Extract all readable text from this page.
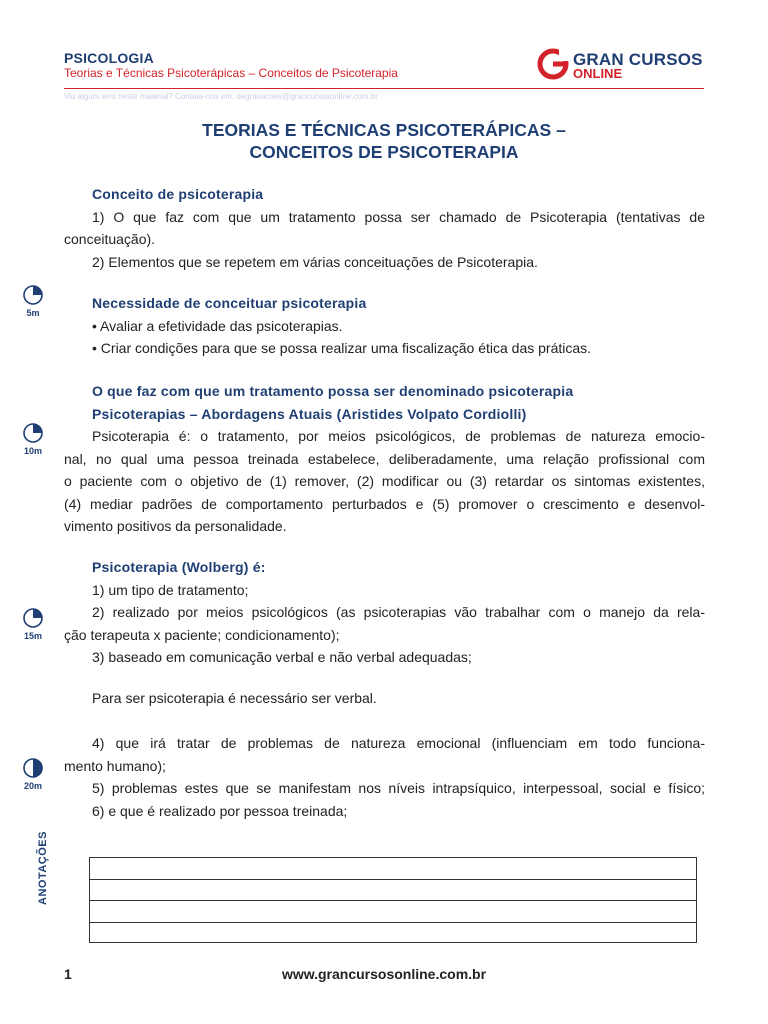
PSICOLOGIA
Teorias e Técnicas Psicoterápicas – Conceitos de Psicoterapia
Viu algum erro neste material? Contate-nos em: degravacoes@grancursosonline.com.br
GRAN CURSOS
ONLINE
TEORIAS E TÉCNICAS PSICOTERÁPICAS –
CONCEITOS DE PSICOTERAPIA
Conceito de psicoterapia
1) O que faz com que um tratamento possa ser chamado de Psicoterapia (tentativas de
conceituação).
2) Elementos que se repetem em várias conceituações de Psicoterapia.
Necessidade de conceituar psicoterapia
• Avaliar a efetividade das psicoterapias.
• Criar condições para que se possa realizar uma fiscalização ética das práticas.
O que faz com que um tratamento possa ser denominado psicoterapia
Psicoterapias – Abordagens Atuais (Aristides Volpato Cordiolli)
Psicoterapia é: o tratamento, por meios psicológicos, de problemas de natureza emocio-
nal, no qual uma pessoa treinada estabelece, deliberadamente, uma relação profissional com
o paciente com o objetivo de (1) remover, (2) modificar ou (3) retardar os sintomas existentes,
(4) mediar padrões de comportamento perturbados e (5) promover o crescimento e desenvol-
vimento positivos da personalidade.
Psicoterapia (Wolberg) é:
1) um tipo de tratamento;
2) realizado por meios psicológicos (as psicoterapias vão trabalhar com o manejo da rela-
ção terapeuta x paciente; condicionamento);
3) baseado em comunicação verbal e não verbal adequadas;
Para ser psicoterapia é necessário ser verbal.
4) que irá tratar de problemas de natureza emocional (influenciam em todo funciona-
mento humano);
5) problemas estes que se manifestam nos níveis intrapsíquico, interpessoal, social e físico;
6) e que é realizado por pessoa treinada;
5m
10m
15m
20m
ANOTAÇÕES
1	www.grancursosonline.com.br
